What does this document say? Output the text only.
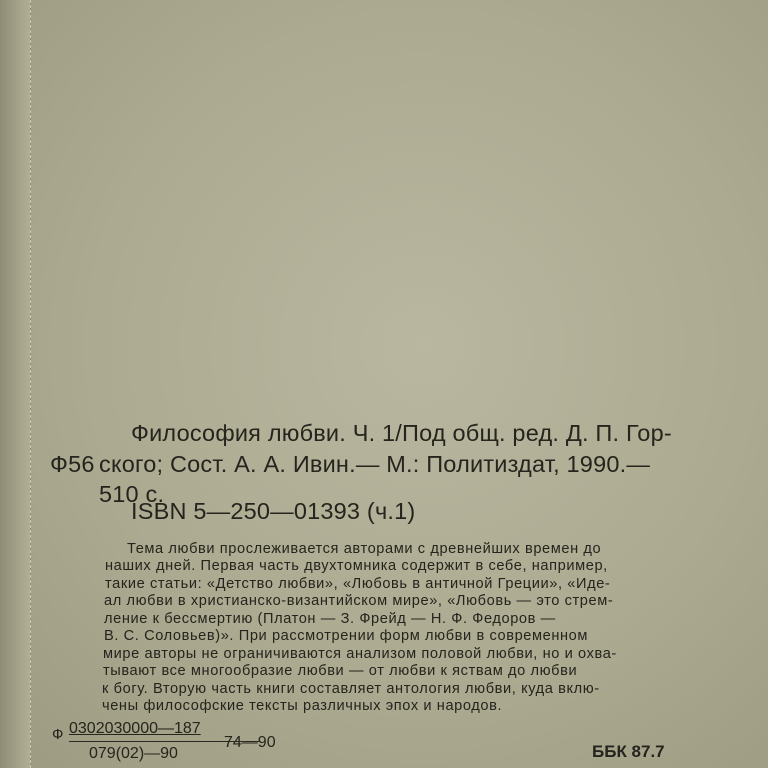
Ф56
Философия любви. Ч. 1/Под общ. ред. Д. П. Гор-
ского; Сост. А. А. Ивин.— М.: Политиздат, 1990.—
510 с.
ISBN 5—250—01393 (ч.1)
Тема любви прослеживается авторами с древнейших времен до
наших дней. Первая часть двухтомника содержит в себе, например,
такие статьи: «Детство любви», «Любовь в античной Греции», «Иде-
ал любви в христианско-византийском мире», «Любовь — это стрем-
ление к бессмертию (Платон — З. Фрейд — Н. Ф. Федоров —
В. С. Соловьев)». При рассмотрении форм любви в современном
мире авторы не ограничиваются анализом половой любви, но и охва-
тывают все многообразие любви — от любви к яствам до любви
к богу. Вторую часть книги составляет антология любви, куда вклю-
чены философские тексты различных эпох и народов.
Ф 0302030000—187
079(02)—90
74—90	ББК 87.7
